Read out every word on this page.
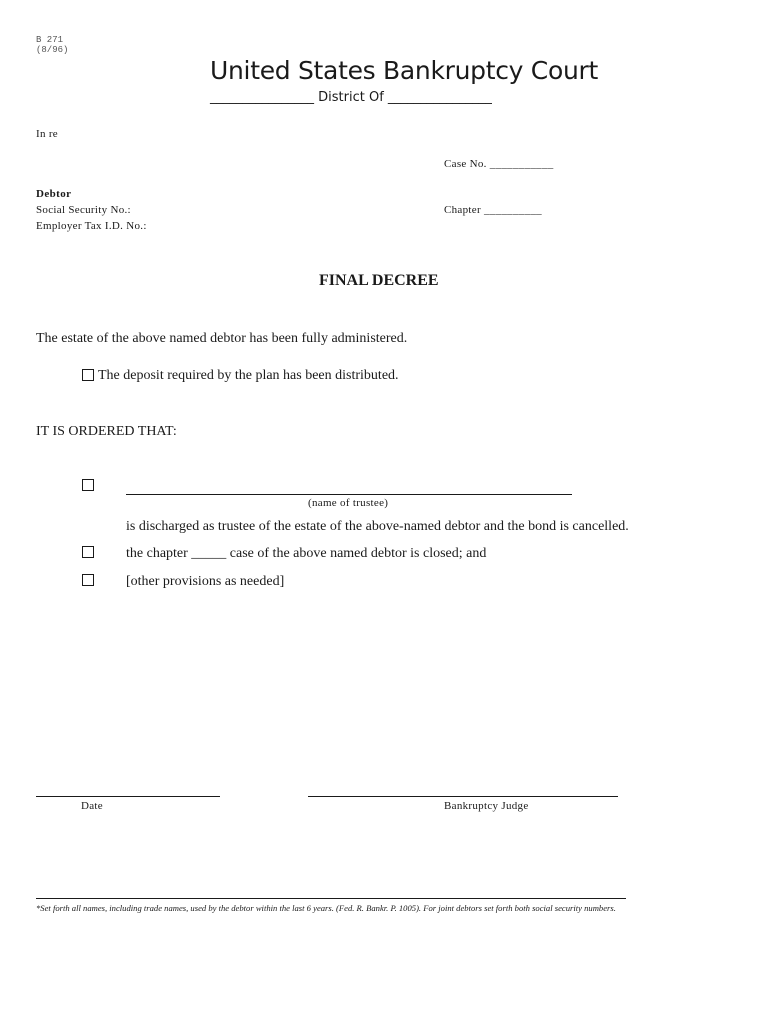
B 271
(8/96)
United States Bankruptcy Court
________________ District Of ________________
In re
Case No. ___________
Debtor
Social Security No.:	Chapter __________
Employer Tax I.D. No.:
FINAL DECREE
The estate of the above named debtor has been fully administered.
The deposit required by the plan has been distributed.
IT IS ORDERED THAT:
(name of trustee)
is discharged as trustee of the estate of the above-named debtor and the bond is cancelled.
the chapter _____ case of the above named debtor is closed; and
[other provisions as needed]
Date	Bankruptcy Judge
*Set forth all names, including trade names, used by the debtor within the last 6 years. (Fed. R. Bankr. P. 1005). For joint debtors set forth both social security numbers.
